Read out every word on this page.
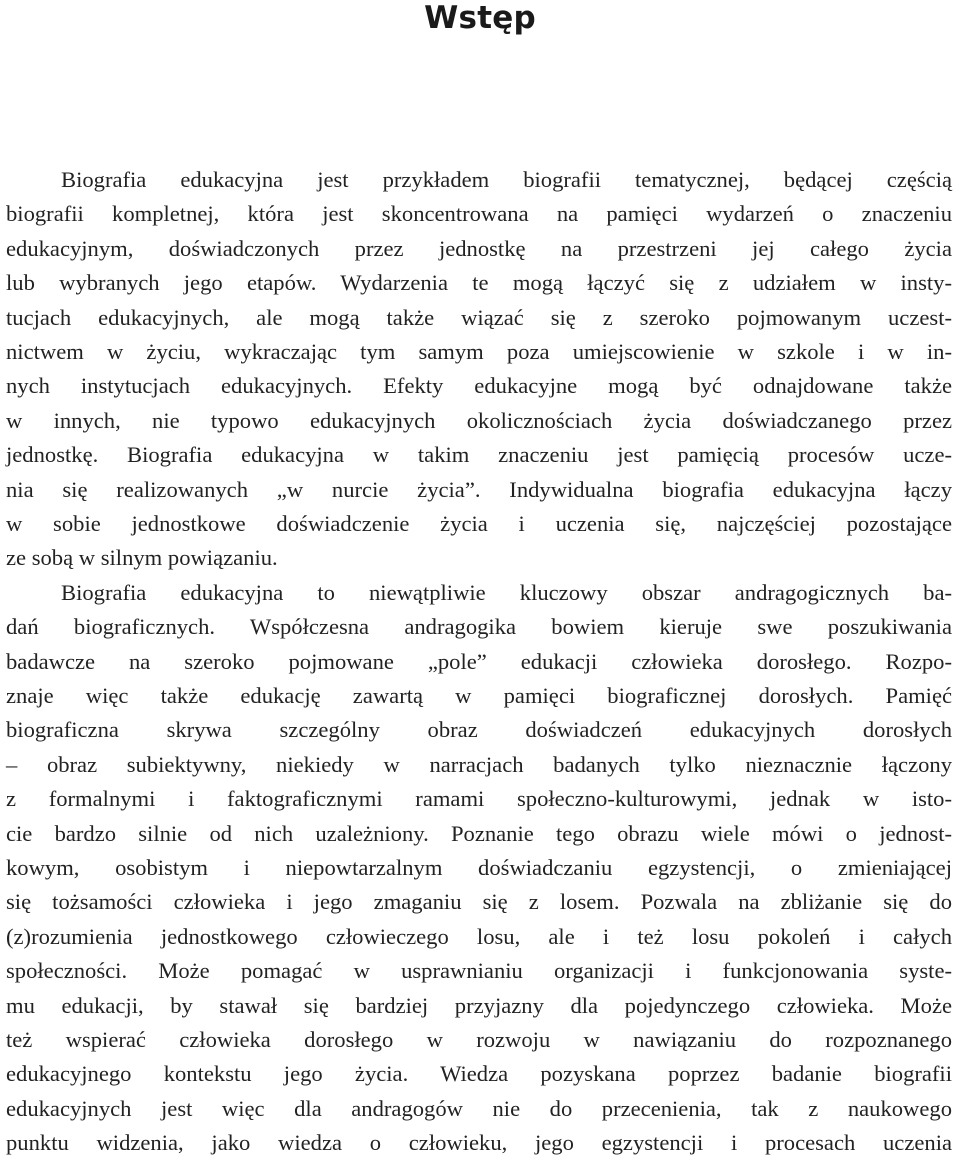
Wstęp
Biografia edukacyjna jest przykładem biografii tematycznej, będącej częścią
biografii kompletnej, która jest skoncentrowana na pamięci wydarzeń o znaczeniu
edukacyjnym, doświadczonych przez jednostkę na przestrzeni jej całego życia
lub wybranych jego etapów. Wydarzenia te mogą łączyć się z udziałem w insty-
tucjach edukacyjnych, ale mogą także wiązać się z szeroko pojmowanym uczest-
nictwem w życiu, wykraczając tym samym poza umiejscowienie w szkole i w in-
nych instytucjach edukacyjnych. Efekty edukacyjne mogą być odnajdowane także
w innych, nie typowo edukacyjnych okolicznościach życia doświadczanego przez
jednostkę. Biografia edukacyjna w takim znaczeniu jest pamięcią procesów ucze-
nia się realizowanych „w nurcie życia”. Indywidualna biografia edukacyjna łączy
w sobie jednostkowe doświadczenie życia i uczenia się, najczęściej pozostające
ze sobą w silnym powiązaniu.
Biografia edukacyjna to niewątpliwie kluczowy obszar andragogicznych ba-
dań biograficznych. Współczesna andragogika bowiem kieruje swe poszukiwania
badawcze na szeroko pojmowane „pole” edukacji człowieka dorosłego. Rozpo-
znaje więc także edukację zawartą w pamięci biograficznej dorosłych. Pamięć
biograficzna skrywa szczególny obraz doświadczeń edukacyjnych dorosłych
– obraz subiektywny, niekiedy w narracjach badanych tylko nieznacznie łączony
z formalnymi i faktograficznymi ramami społeczno-kulturowymi, jednak w isto-
cie bardzo silnie od nich uzależniony. Poznanie tego obrazu wiele mówi o jednost-
kowym, osobistym i niepowtarzalnym doświadczaniu egzystencji, o zmieniającej
się tożsamości człowieka i jego zmaganiu się z losem. Pozwala na zbliżanie się do
(z)rozumienia jednostkowego człowieczego losu, ale i też losu pokoleń i całych
społeczności. Może pomagać w usprawnianiu organizacji i funkcjonowania syste-
mu edukacji, by stawał się bardziej przyjazny dla pojedynczego człowieka. Może
też wspierać człowieka dorosłego w rozwoju w nawiązaniu do rozpoznanego
edukacyjnego kontekstu jego życia. Wiedza pozyskana poprzez badanie biografii
edukacyjnych jest więc dla andragogów nie do przecenienia, tak z naukowego
punktu widzenia, jako wiedza o człowieku, jego egzystencji i procesach uczenia
